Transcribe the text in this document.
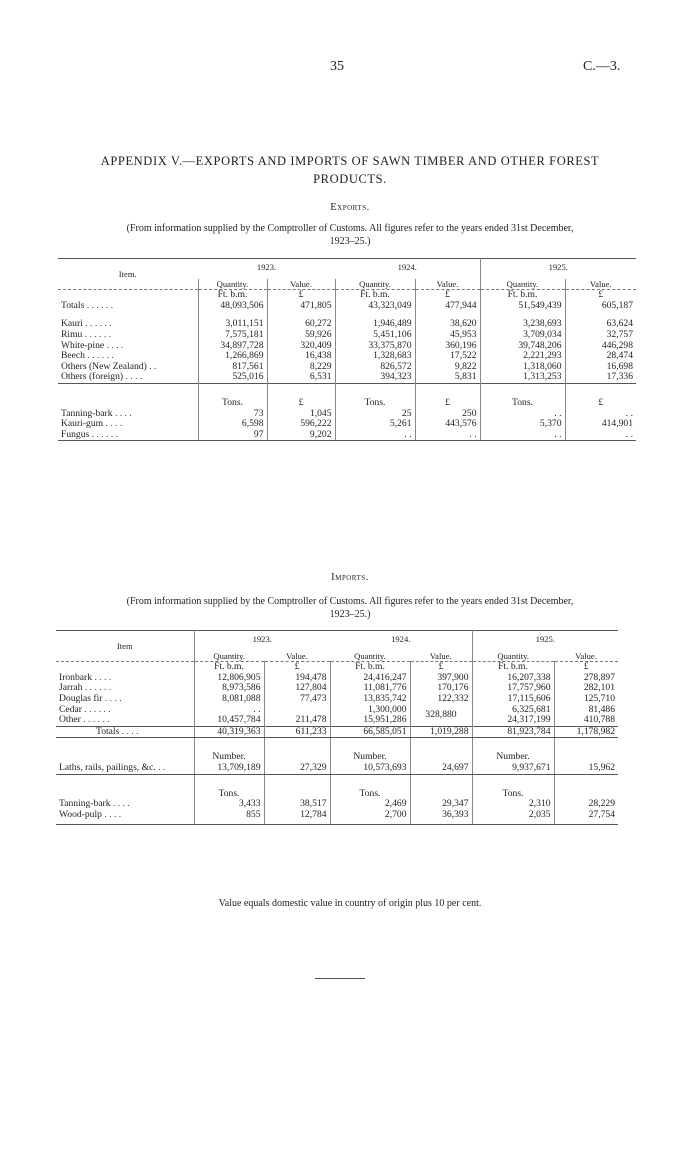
35	C.—3.
APPENDIX V.—EXPORTS AND IMPORTS OF SAWN TIMBER AND OTHER FOREST
PRODUCTS.
Exports.
(From information supplied by the Comptroller of Customs. All figures refer to the years ended 31st December,
1923–25.)
Item.	1923.		1924.		1925.	
	Quantity.	Value.	Quantity.	Value.	Quantity.	Value.
	Ft. b.m.	£	Ft. b.m.	£	Ft. b.m.	£
Totals . . . . . .	48,093,506	471,805	43,323,049	477,944	51,549,439	605,187

Kauri . . . . . .	3,011,151	60,272	1,946,489	38,620	3,238,693	63,624
Rimu . . . . . .	7,575,181	59,926	5,451,106	45,953	3,709,034	32,757
White-pine . . . .	34,897,728	320,409	33,375,870	360,196	39,748,206	446,298
Beech . . . . . .	1,266,869	16,438	1,328,683	17,522	2,221,293	28,474
Others (New Zealand) . .	817,561	8,229	826,572	9,822	1,318,060	16,698
Others (foreign) . . . .	525,016	6,531	394,323	5,831	1,313,253	17,336

	Tons.	£	Tons.	£	Tons.	£
Tanning-bark . . . .	73	1,045	25	250	. .	. .
Kauri-gum . . . .	6,598	596,222	5,261	443,576	5,370	414,901
Fungus . . . . . .	97	9,202	. .	. .	. .	. .
Imports.
(From information supplied by the Comptroller of Customs. All figures refer to the years ended 31st December,
1923–25.)
Item	1923.		1924.		1925.	
	Quantity.	Value.	Quantity.	Value.	Quantity.	Value.
	Ft. b.m.	£	Ft. b.m.	£	Ft. b.m.	£
Ironbark . . . .	12,806,905	194,478	24,416,247	397,900	16,207,338	278,897
Jarrah . . . . . .	8,973,586	127,804	11,081,776	170,176	17,757,960	282,101
Douglas fir . . . .	8,081,088	77,473	13,835,742	122,332	17,115,606	125,710
Cedar . . . . . .	. .		1,300,000	328,880	6,325,681	81,486
Other . . . . . .	10,457,784	211,478	15,951,286		24,317,199	410,788
Totals . . . .	40,319,363	611,233	66,585,051	1,019,288	81,923,784	1,178,982

	Number.		Number.		Number.	
Laths, rails, pailings, &c. . .	13,709,189	27,329	10,573,693	24,697	9,937,671	15,962

	Tons.		Tons.		Tons.	
Tanning-bark . . . .	3,433	38,517	2,469	29,347	2,310	28,229
Wood-pulp . . . .	855	12,784	2,700	36,393	2,035	27,754
Value equals domestic value in country of origin plus 10 per cent.
